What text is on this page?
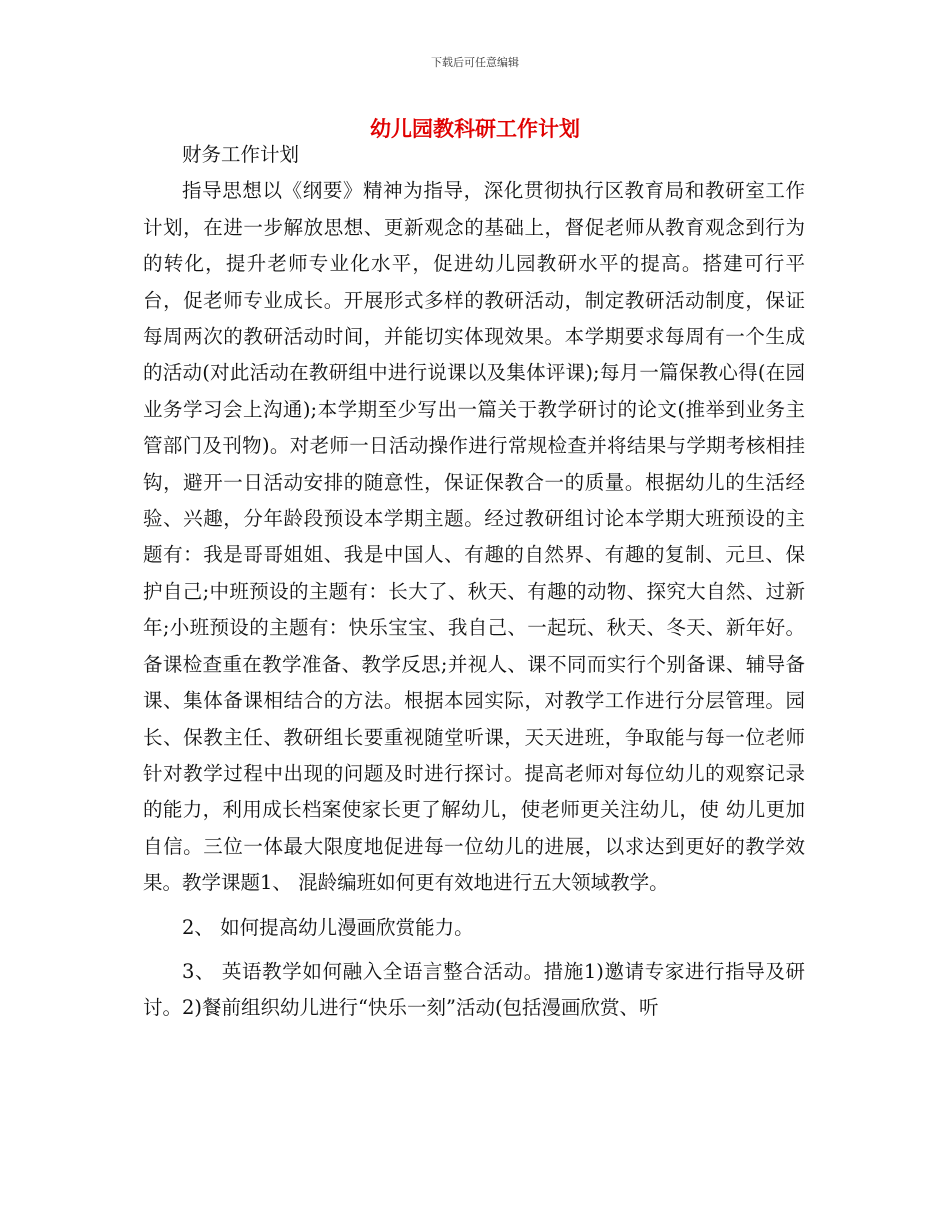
下载后可任意编辑
幼儿园教科研工作计划

财务工作计划

指导思想以《纲要》精神为指导，深化贯彻执行区教育局和教研室工作计划，在进一步解放思想、更新观念的基础上，督促老师从教育观念到行为的转化，提升老师专业化水平，促进幼儿园教研水平的提高。搭建可行平台，促老师专业成长。开展形式多样的教研活动，制定教研活动制度，保证每周两次的教研活动时间，并能切实体现效果。本学期要求每周有一个生成的活动(对此活动在教研组中进行说课以及集体评课);每月一篇保教心得(在园业务学习会上沟通);本学期至少写出一篇关于教学研讨的论文(推举到业务主管部门及刊物)。对老师一日活动操作进行常规检查并将结果与学期考核相挂钩，避开一日活动安排的随意性，保证保教合一的质量。根据幼儿的生活经验、兴趣，分年龄段预设本学期主题。经过教研组讨论本学期大班预设的主题有：我是哥哥姐姐、我是中国人、有趣的自然界、有趣的复制、元旦、保护自己;中班预设的主题有：长大了、秋天、有趣的动物、探究大自然、过新年;小班预设的主题有：快乐宝宝、我自己、一起玩、秋天、冬天、新年好。备课检查重在教学准备、教学反思;并视人、课不同而实行个别备课、辅导备课、集体备课相结合的方法。根据本园实际，对教学工作进行分层管理。园长、保教主任、教研组长要重视随堂听课，天天进班，争取能与每一位老师针对教学过程中出现的问题及时进行探讨。提高老师对每位幼儿的观察记录的能力，利用成长档案使家长更了解幼儿，使老师更关注幼儿，使 幼儿更加自信。三位一体最大限度地促进每一位幼儿的进展，以求达到更好的教学效果。教学课题1、 混龄编班如何更有效地进行五大领域教学。

2、 如何提高幼儿漫画欣赏能力。

3、 英语教学如何融入全语言整合活动。措施1)邀请专家进行指导及研讨。2)餐前组织幼儿进行“快乐一刻”活动(包括漫画欣赏、听
